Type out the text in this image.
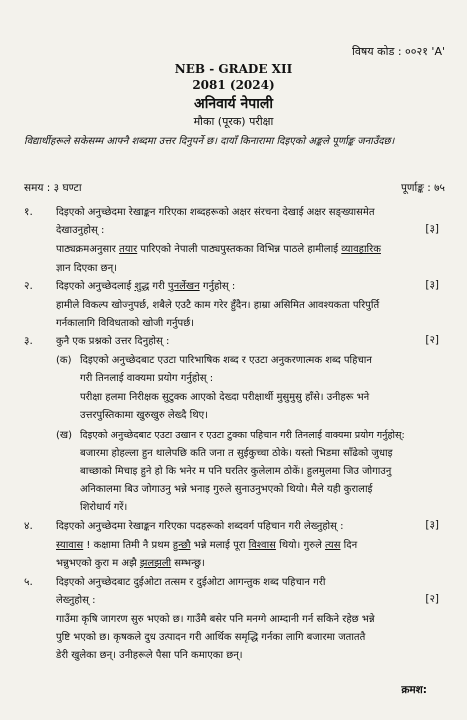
विषय कोड : ००२१ 'A'
NEB - GRADE XII
2081 (2024)
अनिवार्य नेपाली
मौका (पूरक) परीक्षा
विद्यार्थीहरूले सकेसम्म आफ्नै शब्दमा उत्तर दिनुपर्ने छ। दायाँ किनारामा दिइएको अङ्कले पूर्णाङ्क जनाउँदछ।
समय : ३ घण्टा	पूर्णाङ्क : ७५
१. दिइएको अनुच्छेदमा रेखाङ्कन गरिएका शब्दहरूको अक्षर संरचना देखाई अक्षर सङ्ख्यासमेत
देखाउनुहोस् :	[३]
पाठ्यक्रमअनुसार तयार पारिएको नेपाली पाठ्यपुस्तकका विभिन्न पाठले हामीलाई व्यावहारिक
ज्ञान दिएका छन्।
२. दिइएको अनुच्छेदलाई शुद्ध गरी पुनर्लेखन गर्नुहोस् :	[३]
हामीले विकल्प खोज्नुपर्छ, शबैले एउटै काम गरेर हुँदैन। हाम्रा असिमित आवश्यकता परिपुर्ति
गर्नकालागि विविधताको खोजी गर्नुपर्छ।
३. कुनै एक प्रश्नको उत्तर दिनुहोस् :	[२]
(क) दिइएको अनुच्छेदबाट एउटा पारिभाषिक शब्द र एउटा अनुकरणात्मक शब्द पहिचान
गरी तिनलाई वाक्यमा प्रयोग गर्नुहोस् :
परीक्षा हलमा निरीक्षक सुटुक्क आएको देख्दा परीक्षार्थी मुसुमुसु हाँसे। उनीहरू भने
उत्तरपुस्तिकामा खुरुखुरु लेख्दै थिए।
(ख) दिइएको अनुच्छेदबाट एउटा उखान र एउटा टुक्का पहिचान गरी तिनलाई वाक्यमा प्रयोग गर्नुहोस्:
बजारमा होहल्ला हुन थालेपछि कति जना त सुईकुच्चा ठोके। यस्तो भिडमा साँढेको जुधाइ
बाच्छाको मिचाइ हुने हो कि भनेर म पनि घरतिर कुलेलाम ठोकें। हुलमुलमा जिउ जोगाउनु
अनिकालमा बिउ जोगाउनु भन्ने भनाइ गुरुले सुनाउनुभएको थियो। मैले यही कुरालाई
शिरोधार्य गरें।
४. दिइएको अनुच्छेदमा रेखाङ्कन गरिएका पदहरूको शब्दवर्ग पहिचान गरी लेख्नुहोस् :	[३]
स्यावास ! कक्षामा तिमी नै प्रथम हुन्छौ भन्ने मलाई पूरा विश्वास थियो। गुरुले त्यस दिन
भन्नुभएको कुरा म अझै झलझली सम्भन्छु।
५. दिइएको अनुच्छेदबाट दुईओटा तत्सम र दुईओटा आगन्तुक शब्द पहिचान गरी
लेख्नुहोस् :	[२]
गाउँमा कृषि जागरण सुरु भएको छ। गाउँमै बसेर पनि मनग्गे आम्दानी गर्न सकिने रहेछ भन्ने
पुष्टि भएको छ। कृषकले दुध उत्पादन गरी आर्थिक समृद्धि गर्नका लागि बजारमा जताततै
डेरी खुलेका छन्। उनीहरूले पैसा पनि कमाएका छन्।
क्रमश:
